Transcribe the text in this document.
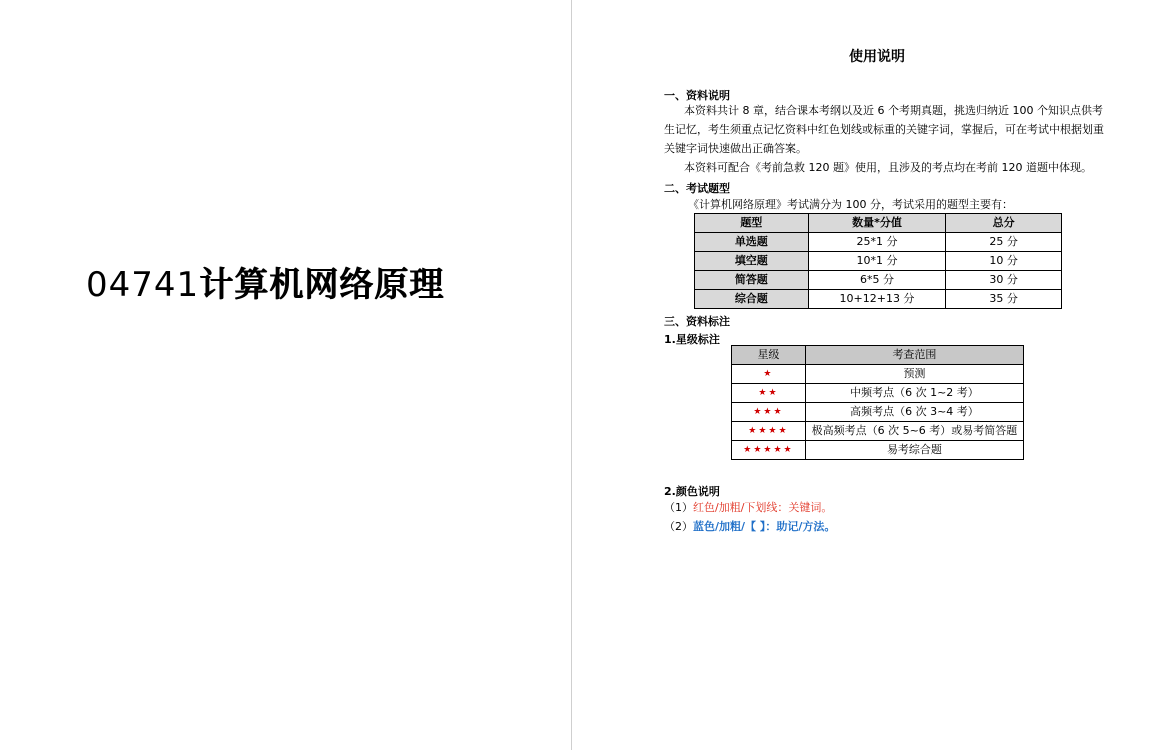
04741计算机网络原理
使用说明
一、资料说明
本资料共计 8 章，结合课本考纲以及近 6 个考期真题，挑选归纳近 100 个知识点供考
生记忆，考生须重点记忆资料中红色划线或标重的关键字词，掌握后，可在考试中根据划重
关键字词快速做出正确答案。
本资料可配合《考前急救 120 题》使用，且涉及的考点均在考前 120 道题中体现。
二、考试题型
《计算机网络原理》考试满分为 100 分，考试采用的题型主要有：
题型	数量*分值	总分
单选题	25*1 分	25 分
填空题	10*1 分	10 分
简答题	6*5 分	30 分
综合题	10+12+13 分	35 分
三、资料标注
1.星级标注
星级	考查范围
★	预测
★★	中频考点（6 次 1~2 考）
★★★	高频考点（6 次 3~4 考）
★★★★	极高频考点（6 次 5~6 考）或易考简答题
★★★★★	易考综合题
2.颜色说明
（1）红色/加粗/下划线：关键词。
（2）蓝色/加粗/【 】：助记/方法。
